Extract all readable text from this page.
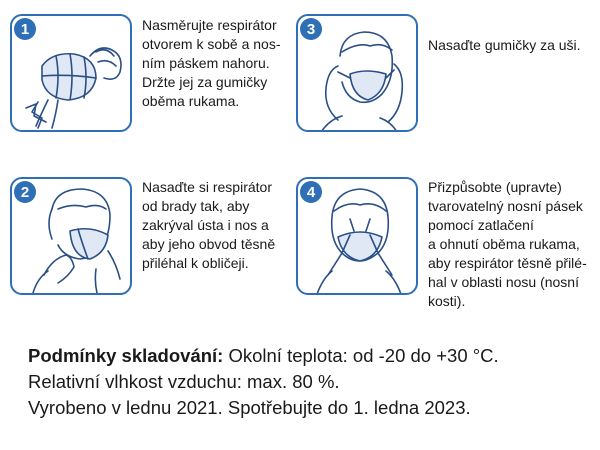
1	Nasměrujte respirátor
otvorem k sobě a nos-
ním páskem nahoru.
Držte jej za gumičky
oběma rukama.
2	Nasaďte si respirátor
od brady tak, aby
zakrýval ústa i nos a
aby jeho obvod těsně
přiléhal k obličeji.
3
Nasaďte gumičky za uši.
4	Přizpůsobte (upravte)
tvarovatelný nosní pásek
pomocí zatlačení
a ohnutí oběma rukama,
aby respirátor těsně přilé-
hal v oblasti nosu (nosní
kosti).
Podmínky skladování: Okolní teplota: od -20 do +30 °C.
Relativní vlhkost vzduchu: max. 80 %.
Vyrobeno v lednu 2021. Spotřebujte do 1. ledna 2023.
